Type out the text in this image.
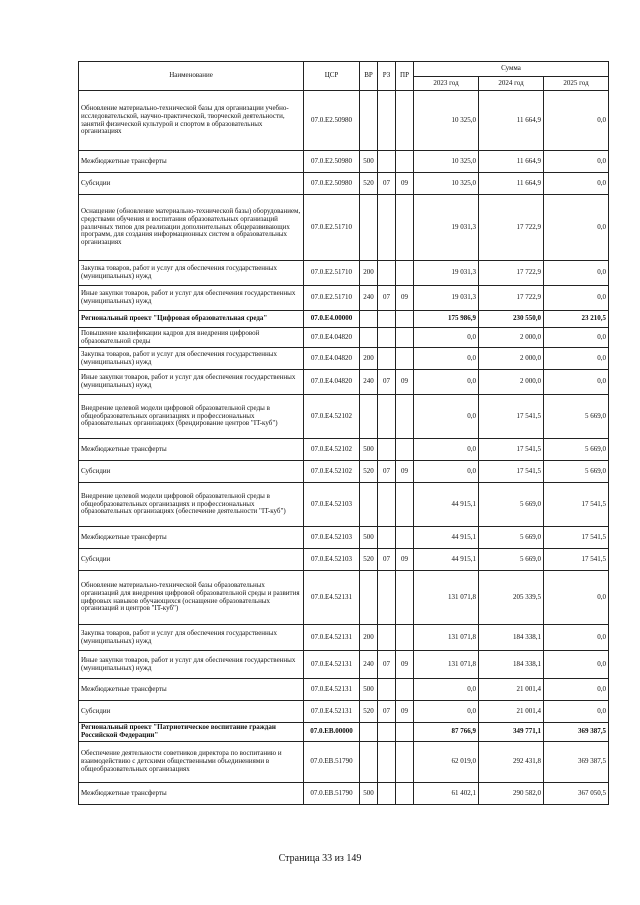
Наименование	ЦСР	ВР	РЗ	ПР	Сумма		
					2023 год	2024 год	2025 год
Обновление материально-технической базы для организации учебно-исследовательской, научно-практической, творческой деятельности, занятий физической культурой и спортом в образовательных организациях	07.0.E2.50980				10 325,0	11 664,9	0,0
Межбюджетные трансферты	07.0.E2.50980	500			10 325,0	11 664,9	0,0
Субсидии	07.0.E2.50980	520	07	09	10 325,0	11 664,9	0,0
Оснащение (обновление материально-технической базы) оборудованием, средствами обучения и воспитания образовательных организаций различных типов для реализации дополнительных общеразвивающих программ, для создания информационных систем в образовательных организациях	07.0.E2.51710				19 031,3	17 722,9	0,0
Закупка товаров, работ и услуг для обеспечения государственных (муниципальных) нужд	07.0.E2.51710	200			19 031,3	17 722,9	0,0
Иные закупки товаров, работ и услуг для обеспечения государственных (муниципальных) нужд	07.0.E2.51710	240	07	09	19 031,3	17 722,9	0,0
Региональный проект "Цифровая образовательная среда"	07.0.E4.00000				175 986,9	230 550,0	23 210,5
Повышение квалификации кадров для внедрения цифровой образовательной среды	07.0.E4.04820				0,0	2 000,0	0,0
Закупка товаров, работ и услуг для обеспечения государственных (муниципальных) нужд	07.0.E4.04820	200			0,0	2 000,0	0,0
Иные закупки товаров, работ и услуг для обеспечения государственных (муниципальных) нужд	07.0.E4.04820	240	07	09	0,0	2 000,0	0,0
Внедрение целевой модели цифровой образовательной среды в общеобразовательных организациях и профессиональных образовательных организациях (брендирование центров "IT-куб")	07.0.E4.52102				0,0	17 541,5	5 669,0
Межбюджетные трансферты	07.0.E4.52102	500			0,0	17 541,5	5 669,0
Субсидии	07.0.E4.52102	520	07	09	0,0	17 541,5	5 669,0
Внедрение целевой модели цифровой образовательной среды в общеобразовательных организациях и профессиональных образовательных организациях (обеспечение деятельности "IT-куб")	07.0.E4.52103				44 915,1	5 669,0	17 541,5
Межбюджетные трансферты	07.0.E4.52103	500			44 915,1	5 669,0	17 541,5
Субсидии	07.0.E4.52103	520	07	09	44 915,1	5 669,0	17 541,5
Обновление материально-технической базы образовательных организаций для внедрения цифровой образовательной среды и развития цифровых навыков обучающихся (оснащение образовательных организаций и центров "IT-куб")	07.0.E4.52131				131 071,8	205 339,5	0,0
Закупка товаров, работ и услуг для обеспечения государственных (муниципальных) нужд	07.0.E4.52131	200			131 071,8	184 338,1	0,0
Иные закупки товаров, работ и услуг для обеспечения государственных (муниципальных) нужд	07.0.E4.52131	240	07	09	131 071,8	184 338,1	0,0
Межбюджетные трансферты	07.0.E4.52131	500			0,0	21 001,4	0,0
Субсидии	07.0.E4.52131	520	07	09	0,0	21 001,4	0,0
Региональный проект "Патриотическое воспитание граждан Российской Федерации"	07.0.EB.00000				87 766,9	349 771,1	369 387,5
Обеспечение деятельности советников директора по воспитанию и взаимодействию с детскими общественными объединениями в общеобразовательных организациях	07.0.EB.51790				62 019,0	292 431,8	369 387,5
Межбюджетные трансферты	07.0.EB.51790	500			61 402,1	290 582,0	367 050,5
Страница 33 из 149
